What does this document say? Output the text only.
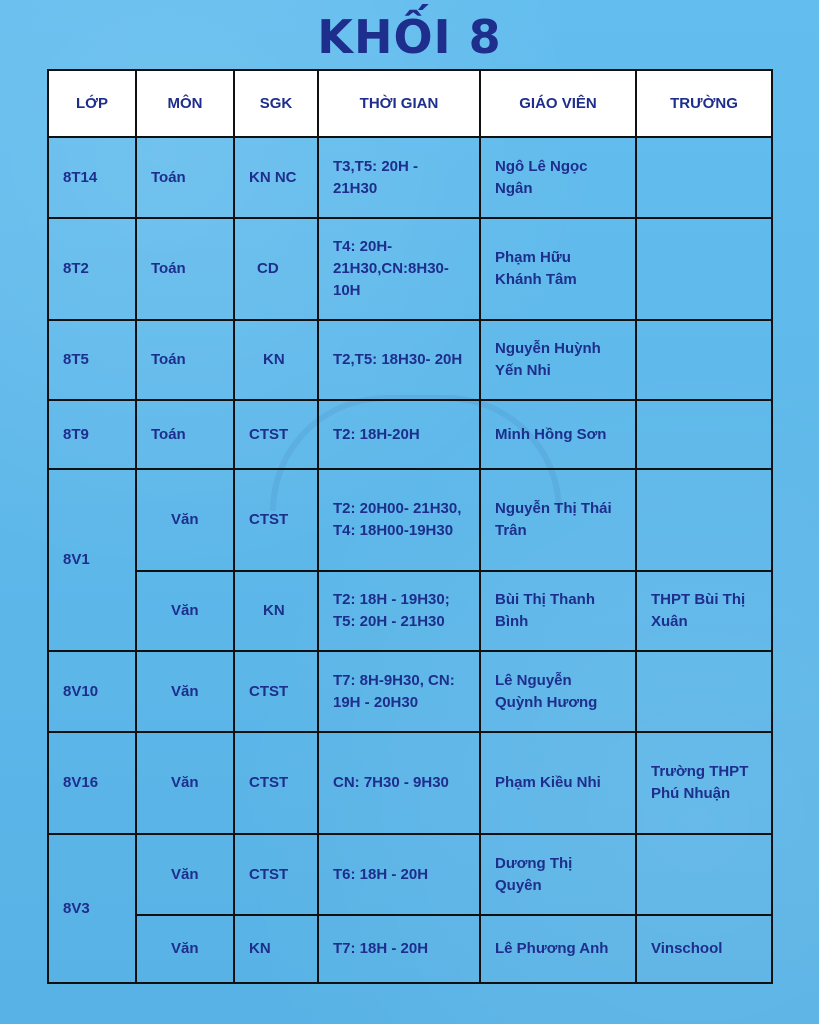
KHỐI 8
LỚP	MÔN	SGK	THỜI GIAN	GIÁO VIÊN	TRƯỜNG
8T14	Toán	KN NC	T3,T5: 20H - 21H30	Ngô Lê Ngọc Ngân	
8T2	Toán	CD	T4: 20H- 21H30,CN:8H30- 10H	Phạm Hữu Khánh Tâm	
8T5	Toán	KN	T2,T5: 18H30- 20H	Nguyễn Huỳnh Yến Nhi	
8T9	Toán	CTST	T2: 18H-20H	Minh Hồng Sơn	
8V1	Văn	CTST	T2: 20H00- 21H30, T4: 18H00-19H30	Nguyễn Thị Thái Trân	
	Văn	KN	T2: 18H - 19H30; T5: 20H - 21H30	Bùi Thị Thanh Bình	THPT Bùi Thị Xuân
8V10	Văn	CTST	T7: 8H-9H30, CN: 19H - 20H30	Lê Nguyễn Quỳnh Hương	
8V16	Văn	CTST	CN: 7H30 - 9H30	Phạm Kiều Nhi	Trường THPT Phú Nhuận
8V3	Văn	CTST	T6: 18H - 20H	Dương Thị Quyên	
	Văn	KN	T7: 18H - 20H	Lê Phương Anh	Vinschool
